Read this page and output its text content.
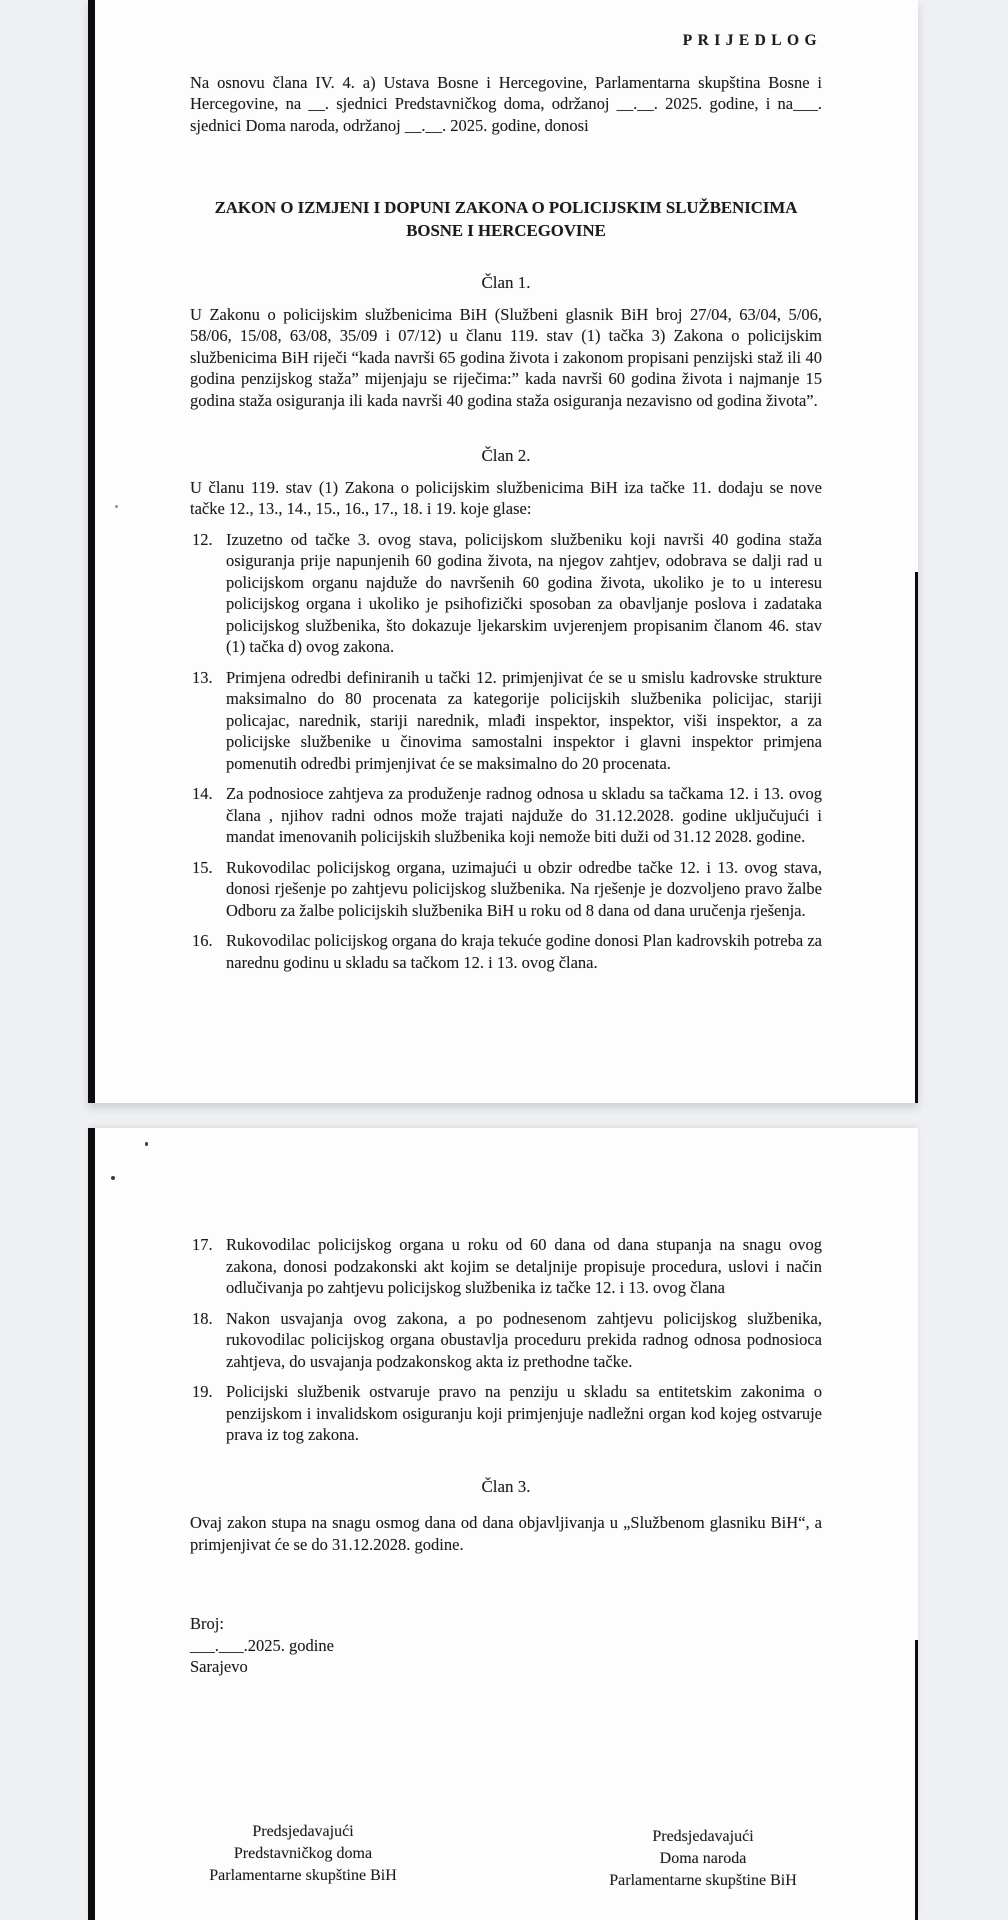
PRIJEDLOG

Na osnovu člana IV. 4. a) Ustava Bosne i Hercegovine, Parlamentarna skupština Bosne i Hercegovine, na __. sjednici Predstavničkog doma, održanoj __.__. 2025. godine, i na___. sjednici Doma naroda, održanoj __.__. 2025. godine, donosi

ZAKON O IZMJENI I DOPUNI ZAKONA O POLICIJSKIM SLUŽBENICIMA
BOSNE I HERCEGOVINE
Član 1.

U Zakonu o policijskim službenicima BiH (Službeni glasnik BiH broj 27/04, 63/04, 5/06, 58/06, 15/08, 63/08, 35/09 i 07/12) u članu 119. stav (1) tačka 3) Zakona o policijskim službenicima BiH riječi “kada navrši 65 godina života i zakonom propisani penzijski staž ili 40 godina penzijskog staža” mijenjaju se riječima:” kada navrši 60 godina života i najmanje 15 godina staža osiguranja ili kada navrši 40 godina staža osiguranja nezavisno od godina života”.

Član 2.

U članu 119. stav (1) Zakona o policijskim službenicima BiH iza tačke 11. dodaju se nove tačke 12., 13., 14., 15., 16., 17., 18. i 19. koje glase:

12. Izuzetno od tačke 3. ovog stava, policijskom službeniku koji navrši 40 godina staža osiguranja prije napunjenih 60 godina života, na njegov zahtjev, odobrava se dalji rad u policijskom organu najduže do navršenih 60 godina života, ukoliko je to u interesu policijskog organa i ukoliko je psihofizički sposoban za obavljanje poslova i zadataka policijskog službenika, što dokazuje ljekarskim uvjerenjem propisanim članom 46. stav (1) tačka d) ovog zakona.
13. Primjena odredbi definiranih u tački 12. primjenjivat će se u smislu kadrovske strukture maksimalno do 80 procenata za kategorije policijskih službenika policijac, stariji policajac, narednik, stariji narednik, mlađi inspektor, inspektor, viši inspektor, a za policijske službenike u činovima samostalni inspektor i glavni inspektor primjena pomenutih odredbi primjenjivat će se maksimalno do 20 procenata.
14. Za podnosioce zahtjeva za produženje radnog odnosa u skladu sa tačkama 12. i 13. ovog člana , njihov radni odnos može trajati najduže do 31.12.2028. godine uključujući i mandat imenovanih policijskih službenika koji nemože biti duži od 31.12 2028. godine.
15. Rukovodilac policijskog organa, uzimajući u obzir odredbe tačke 12. i 13. ovog stava, donosi rješenje po zahtjevu policijskog službenika. Na rješenje je dozvoljeno pravo žalbe Odboru za žalbe policijskih službenika BiH u roku od 8 dana od dana uručenja rješenja.
16. Rukovodilac policijskog organa do kraja tekuće godine donosi Plan kadrovskih potreba za narednu godinu u skladu sa tačkom 12. i 13. ovog člana.
17. Rukovodilac policijskog organa u roku od 60 dana od dana stupanja na snagu ovog zakona, donosi podzakonski akt kojim se detaljnije propisuje procedura, uslovi i način odlučivanja po zahtjevu policijskog službenika iz tačke 12. i 13. ovog člana
18. Nakon usvajanja ovog zakona, a po podnesenom zahtjevu policijskog službenika, rukovodilac policijskog organa obustavlja proceduru prekida radnog odnosa podnosioca zahtjeva, do usvajanja podzakonskog akta iz prethodne tačke.
19. Policijski službenik ostvaruje pravo na penziju u skladu sa entitetskim zakonima o penzijskom i invalidskom osiguranju koji primjenjuje nadležni organ kod kojeg ostvaruje prava iz tog zakona.
Član 3.

Ovaj zakon stupa na snagu osmog dana od dana objavljivanja u „Službenom glasniku BiH“, a primjenjivat će se do 31.12.2028. godine.

Broj:
___.___.2025. godine
Sarajevo
Predsjedavajući
Predstavničkog doma
Parlamentarne skupštine BiH
Predsjedavajući
Doma naroda
Parlamentarne skupštine BiH
